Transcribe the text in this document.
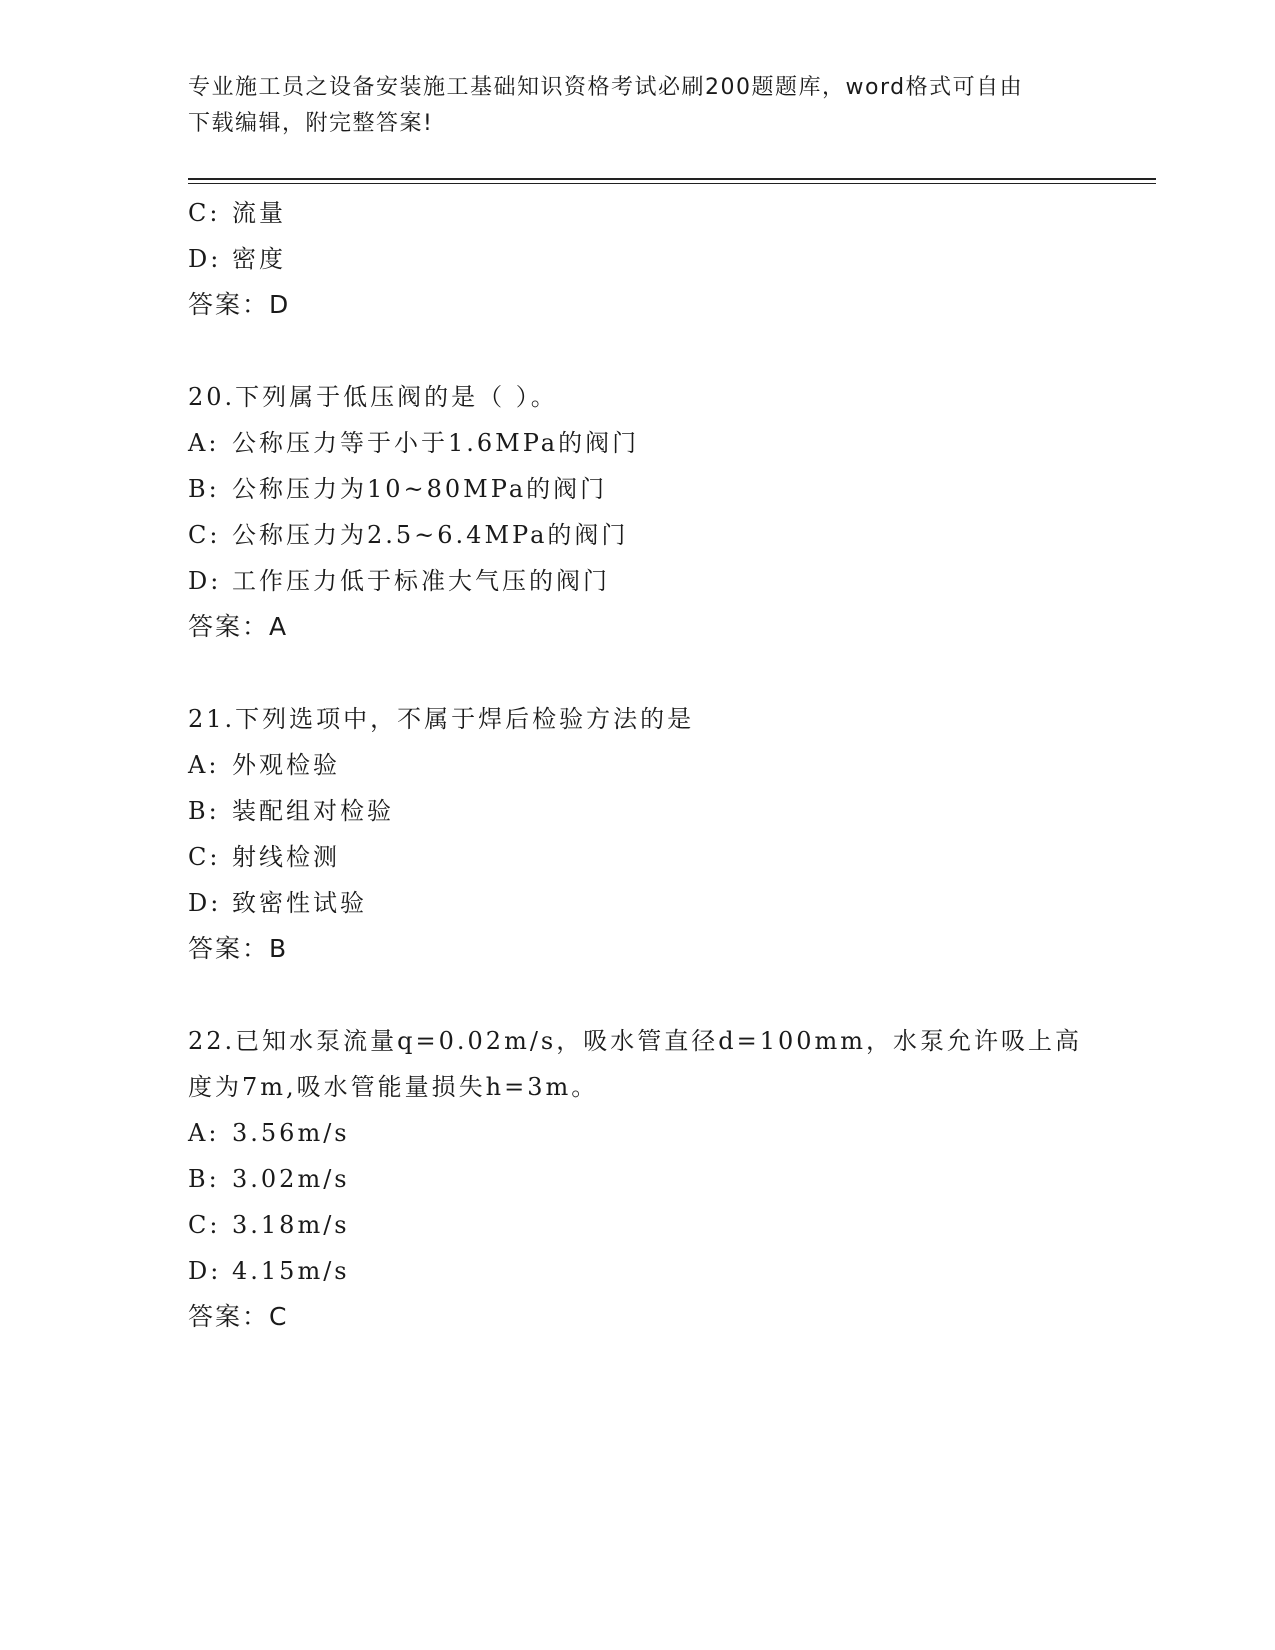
专业施工员之设备安装施工基础知识资格考试必刷200题题库，word格式可自由
下载编辑，附完整答案!
C: 流量
D: 密度
答案：D
20.下列属于低压阀的是（ ）。
A: 公称压力等于小于1.6MPa的阀门
B: 公称压力为10~80MPa的阀门
C: 公称压力为2.5~6.4MPa的阀门
D: 工作压力低于标准大气压的阀门
答案：A
21.下列选项中，不属于焊后检验方法的是
A: 外观检验
B: 装配组对检验
C: 射线检测
D: 致密性试验
答案：B
22.已知水泵流量q=0.02m/s，吸水管直径d=100mm，水泵允许吸上高
度为7m,吸水管能量损失h=3m。
A: 3.56m/s
B: 3.02m/s
C: 3.18m/s
D: 4.15m/s
答案：C
